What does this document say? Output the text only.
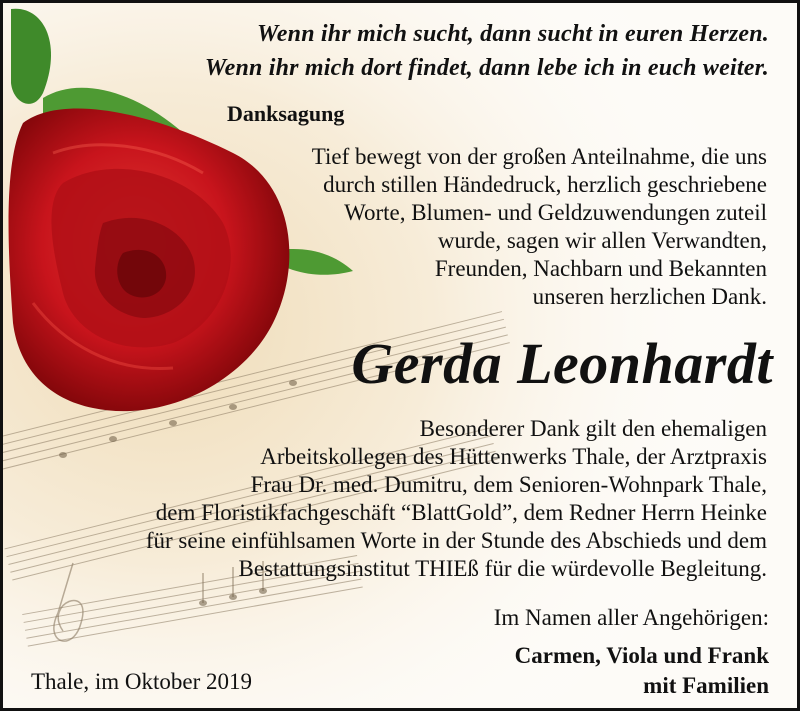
Wenn ihr mich sucht, dann sucht in euren Herzen.

Wenn ihr mich dort findet, dann lebe ich in euch weiter.

Danksagung

Tief bewegt von der großen Anteilnahme, die uns

durch stillen Händedruck, herzlich geschriebene

Worte, Blumen- und Geldzuwendungen zuteil

wurde, sagen wir allen Verwandten,

Freunden, Nachbarn und Bekannten

unseren herzlichen Dank.

Gerda Leonhardt

Besonderer Dank gilt den ehemaligen

Arbeitskollegen des Hüttenwerks Thale, der Arztpraxis

Frau Dr. med. Dumitru, dem Senioren-Wohnpark Thale,

dem Floristikfachgeschäft “BlattGold”, dem Redner Herrn Heinke

für seine einfühlsamen Worte in der Stunde des Abschieds und dem

Bestattungsinstitut THIEß für die würdevolle Begleitung.

Im Namen aller Angehörigen:

Carmen, Viola und Frank

mit Familien

Thale, im Oktober 2019
